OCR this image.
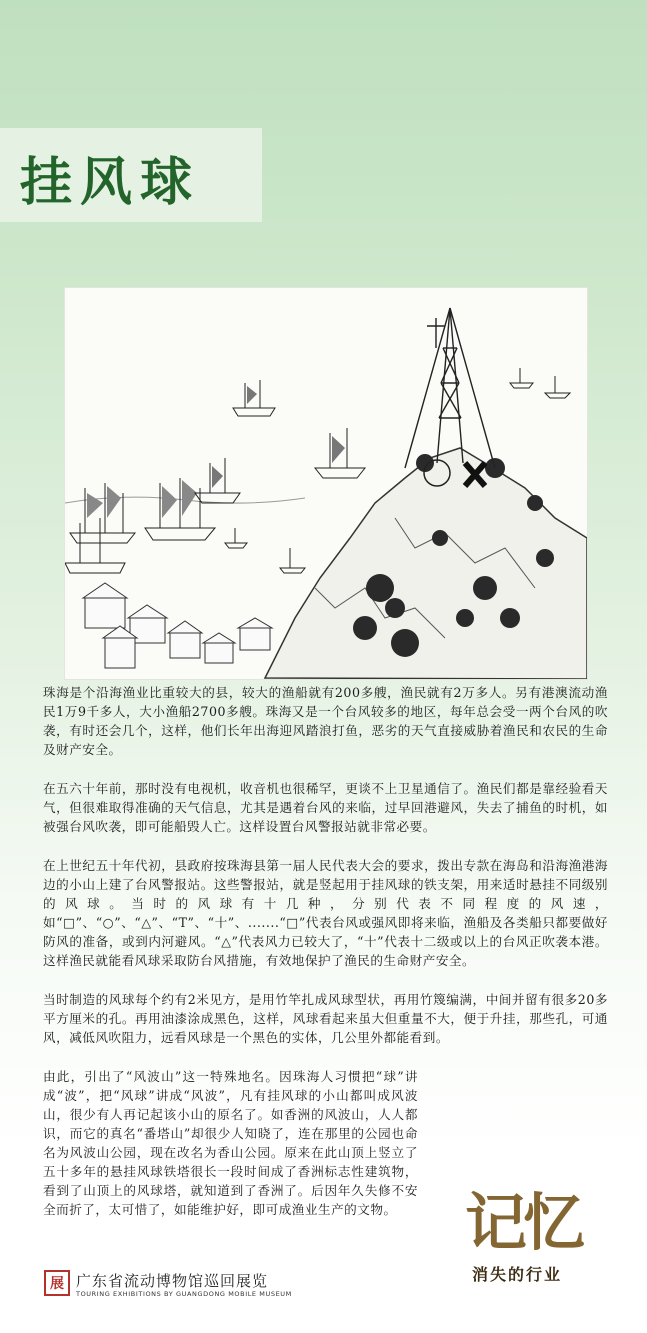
挂风球

珠海是个沿海渔业比重较大的县，较大的渔船就有200多艘，渔民就有2万多人。另有港澳流动渔民1万9千多人，大小渔船2700多艘。珠海又是一个台风较多的地区，每年总会受一两个台风的吹袭，有时还会几个，这样，他们长年出海迎风踏浪打鱼，恶劣的天气直接威胁着渔民和农民的生命及财产安全。

在五六十年前，那时没有电视机，收音机也很稀罕，更谈不上卫星通信了。渔民们都是靠经验看天气，但很难取得准确的天气信息，尤其是遇着台风的来临，过早回港避风，失去了捕鱼的时机，如被强台风吹袭，即可能船毁人亡。这样设置台风警报站就非常必要。

在上世纪五十年代初，县政府按珠海县第一届人民代表大会的要求，拨出专款在海岛和沿海渔港海边的小山上建了台风警报站。这些警报站，就是竖起用于挂风球的铁支架，用来适时悬挂不同级别的风球。当时的风球有十几种，分别代表不同程度的风速，如“□”、“○”、“△”、“T”、“十”、.......“□”代表台风或强风即将来临，渔船及各类船只都要做好防风的准备，或到内河避风。“△”代表风力已较大了，“十”代表十二级或以上的台风正吹袭本港。这样渔民就能看风球采取防台风措施，有效地保护了渔民的生命财产安全。

当时制造的风球每个约有2米见方，是用竹竿扎成风球型状，再用竹篾编满，中间并留有很多20多平方厘米的孔。再用油漆涂成黑色，这样，风球看起来虽大但重量不大，便于升挂，那些孔，可通风，减低风吹阻力，远看风球是一个黑色的实体，几公里外都能看到。

由此，引出了“风波山”这一特殊地名。因珠海人习惯把“球”讲成“波”，把“风球”讲成“风波”，凡有挂风球的小山都叫成风波山，很少有人再记起该小山的原名了。如香洲的风波山，人人都识，而它的真名“番塔山”却很少人知晓了，连在那里的公园也命名为风波山公园，现在改名为香山公园。原来在此山顶上竖立了五十多年的悬挂风球铁塔很长一段时间成了香洲标志性建筑物，看到了山顶上的风球塔，就知道到了香洲了。后因年久失修不安全而折了，太可惜了，如能维护好，即可成渔业生产的文物。

展 广东省流动博物馆巡回展览
TOURING EXHIBITIONS BY GUANGDONG MOBILE MUSEUM
记忆
消失的行业
